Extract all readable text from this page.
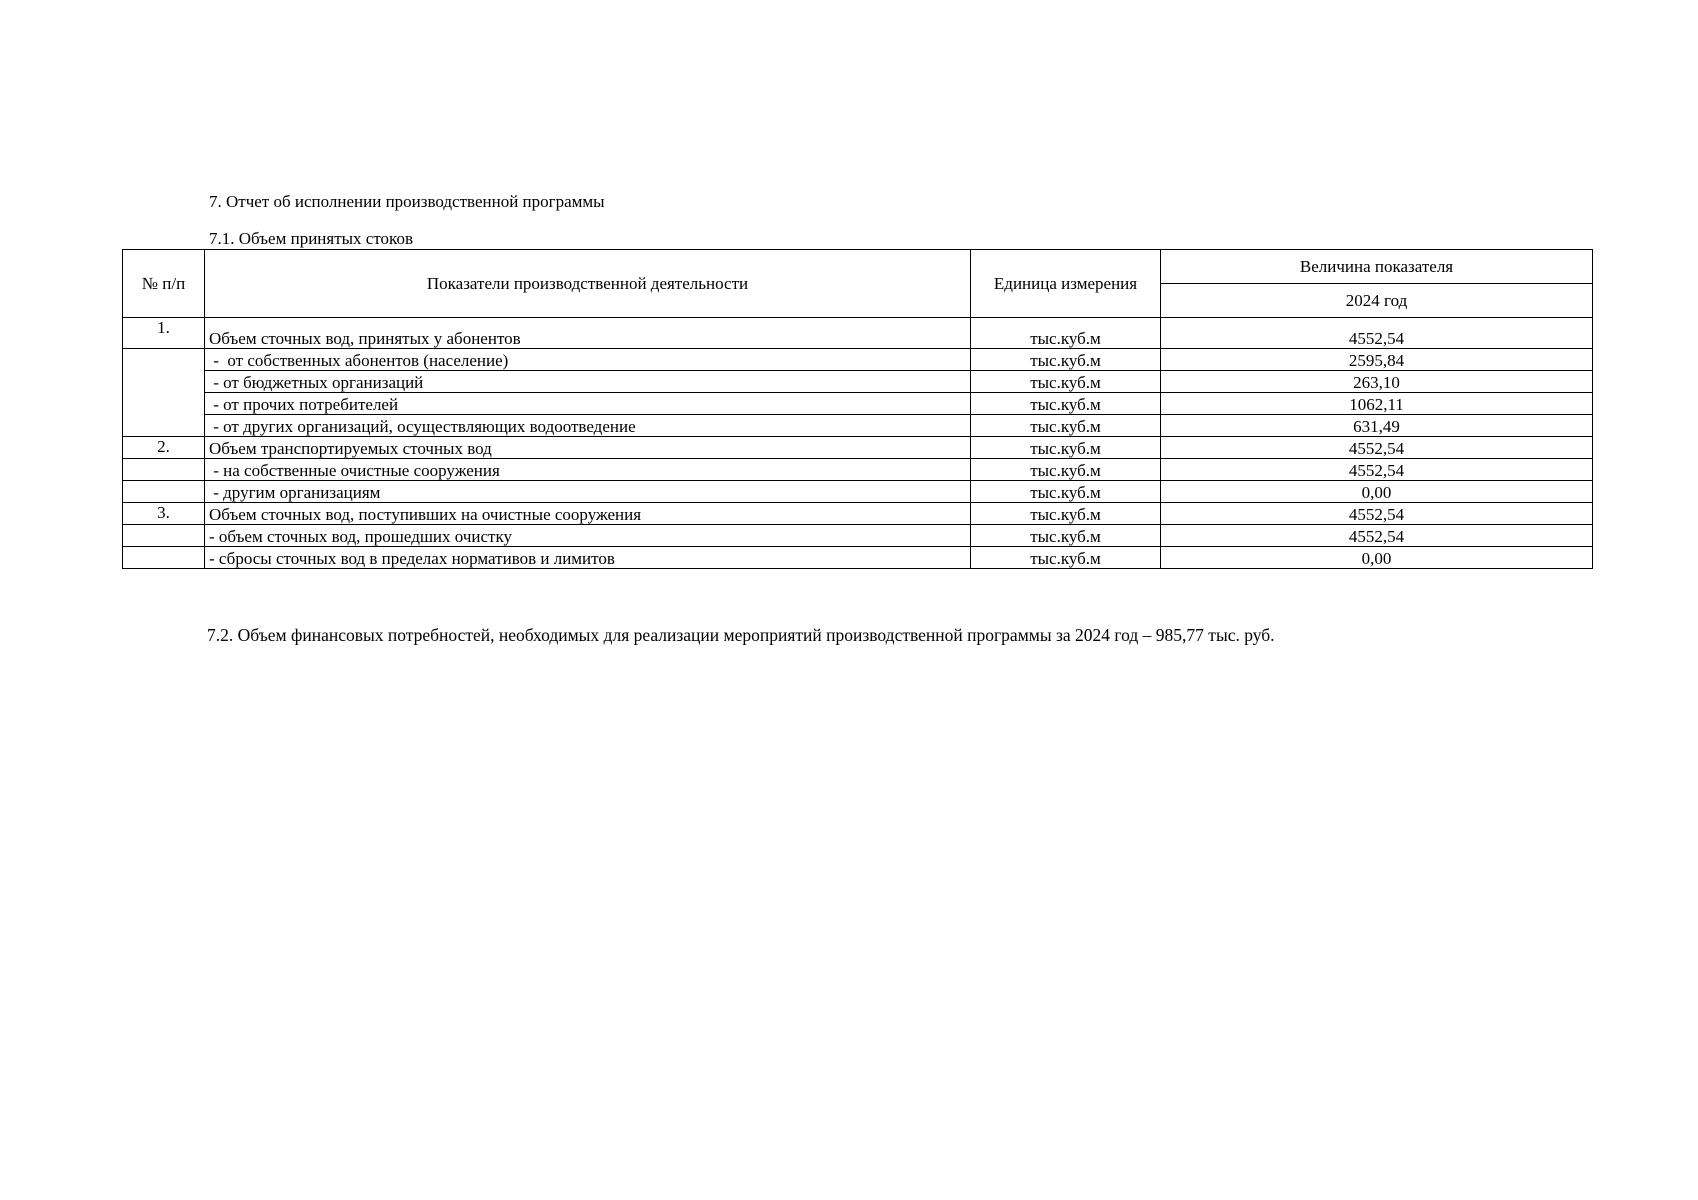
7. Отчет об исполнении производственной программы
7.1. Объем принятых стоков
№ п/п	Показатели производственной деятельности	Единица измерения	Величина показателя
			2024 год
1.	Объем сточных вод, принятых у абонентов	тыс.куб.м	4552,54
	-  от собственных абонентов (население)	тыс.куб.м	2595,84
	- от бюджетных организаций	тыс.куб.м	263,10
	- от прочих потребителей	тыс.куб.м	1062,11
	- от других организаций, осуществляющих водоотведение	тыс.куб.м	631,49
2.	Объем транспортируемых сточных вод	тыс.куб.м	4552,54
	- на собственные очистные сооружения	тыс.куб.м	4552,54
	- другим организациям	тыс.куб.м	0,00
3.	Объем сточных вод, поступивших на очистные сооружения	тыс.куб.м	4552,54
	- объем сточных вод, прошедших очистку	тыс.куб.м	4552,54
	- сбросы сточных вод в пределах нормативов и лимитов	тыс.куб.м	0,00
7.2. Объем финансовых потребностей, необходимых для реализации мероприятий производственной программы за 2024 год – 985,77 тыс. руб.
